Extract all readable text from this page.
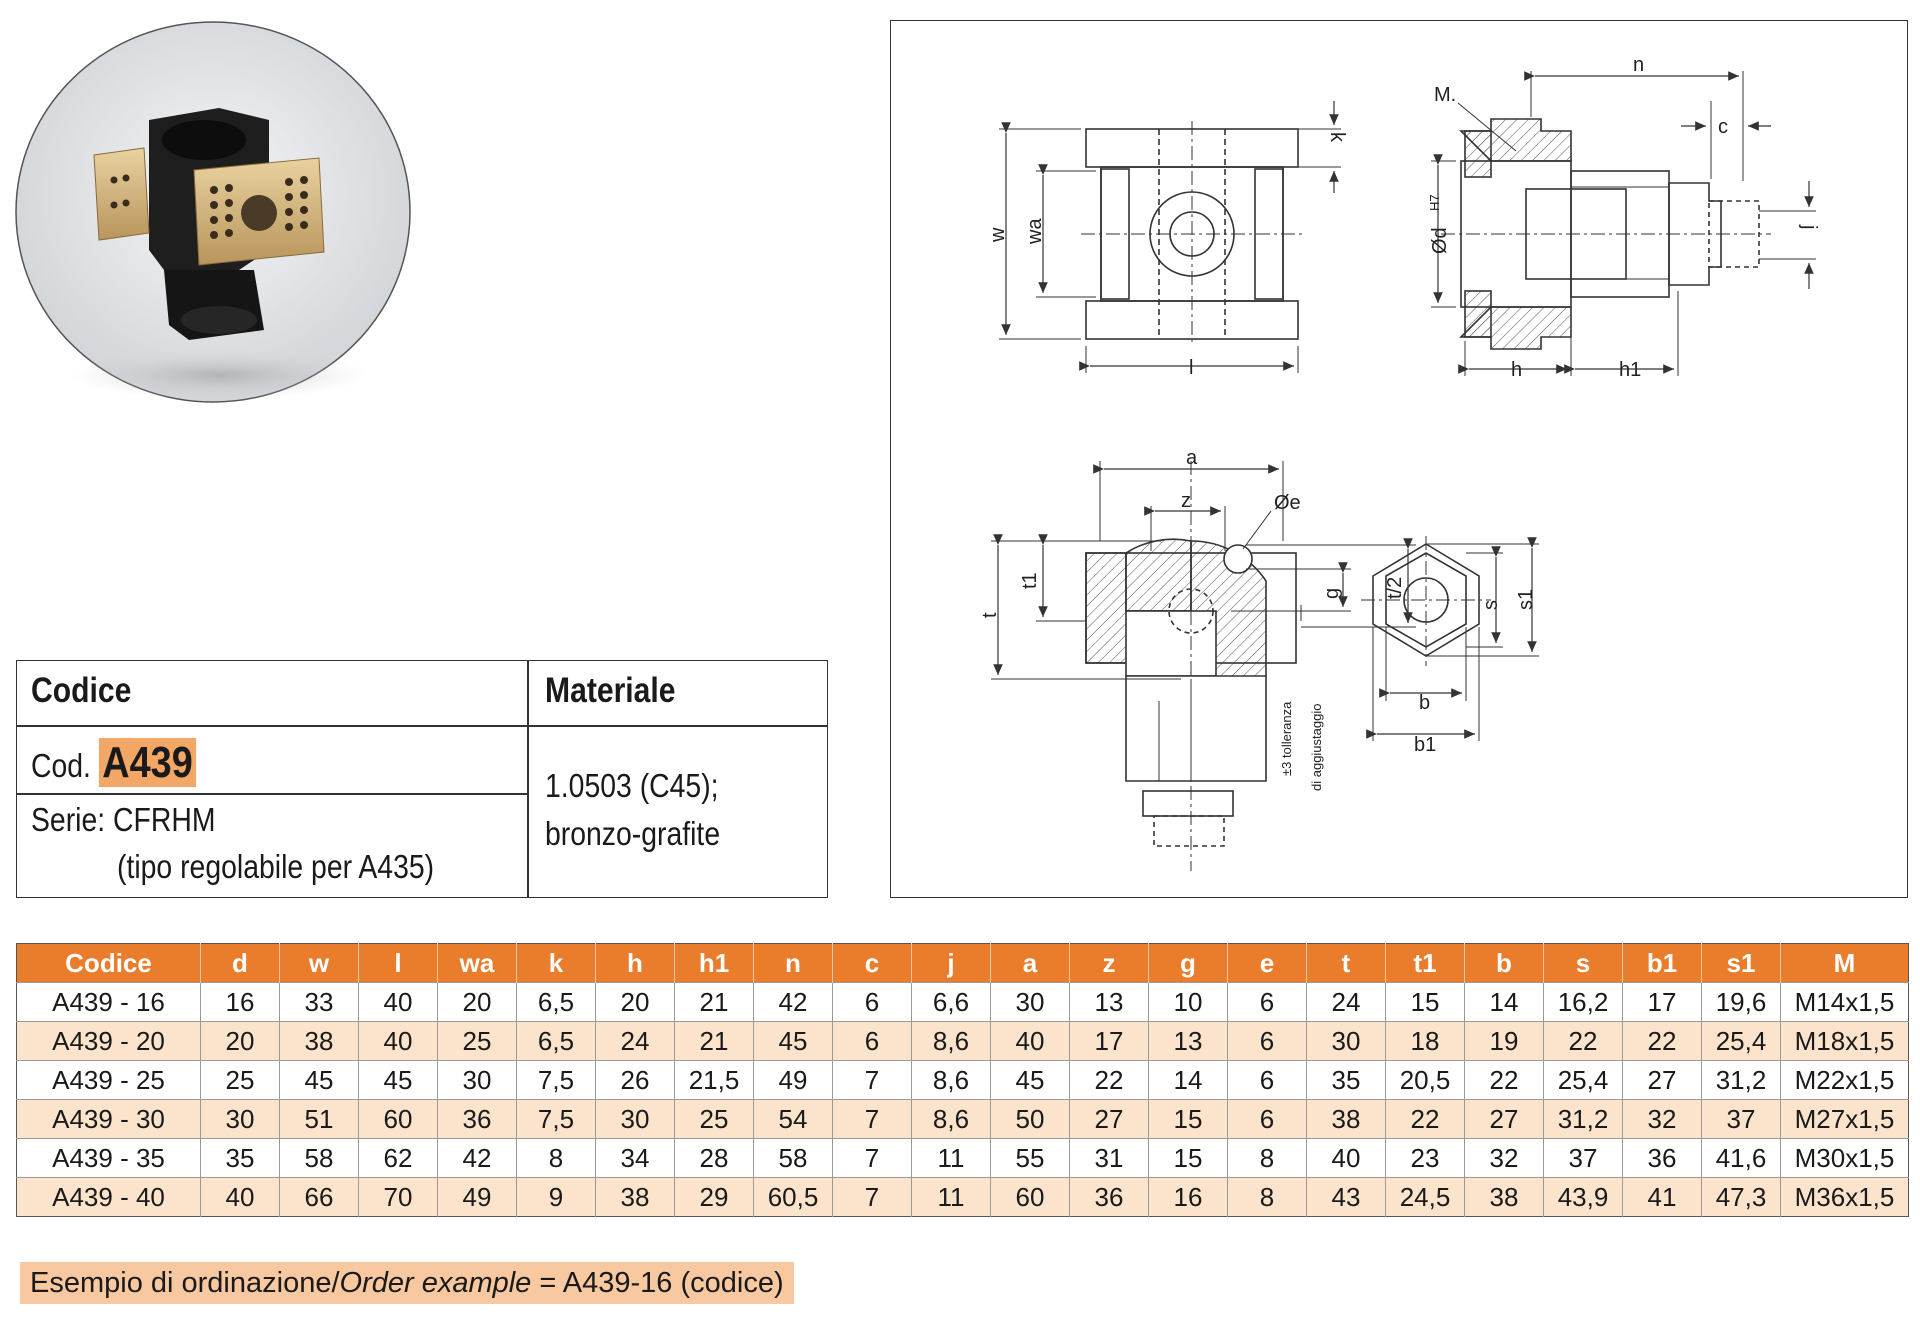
Codice	Materiale
Cod. A439
Serie: CFRHM
(tipo regolabile per A435)
1.0503 (C45);
bronzo-grafite
n
M.
c
k
w wa
l
Ød
H7
j
h	h1
a
z	Øe
t
t1
g t/2
±3 tolleranza di aggiustaggio
s s1
b
b1
Codice	d	w	l	wa	k	h	h1	n	c	j	a	z	g	e	t	t1	b	s	b1	s1	M
A439 - 16	16	33	40	20	6,5	20	21	42	6	6,6	30	13	10	6	24	15	14	16,2	17	19,6	M14x1,5
A439 - 20	20	38	40	25	6,5	24	21	45	6	8,6	40	17	13	6	30	18	19	22	22	25,4	M18x1,5
A439 - 25	25	45	45	30	7,5	26	21,5	49	7	8,6	45	22	14	6	35	20,5	22	25,4	27	31,2	M22x1,5
A439 - 30	30	51	60	36	7,5	30	25	54	7	8,6	50	27	15	6	38	22	27	31,2	32	37	M27x1,5
A439 - 35	35	58	62	42	8	34	28	58	7	11	55	31	15	8	40	23	32	37	36	41,6	M30x1,5
A439 - 40	40	66	70	49	9	38	29	60,5	7	11	60	36	16	8	43	24,5	38	43,9	41	47,3	M36x1,5
Esempio di ordinazione/Order example = A439-16 (codice)
